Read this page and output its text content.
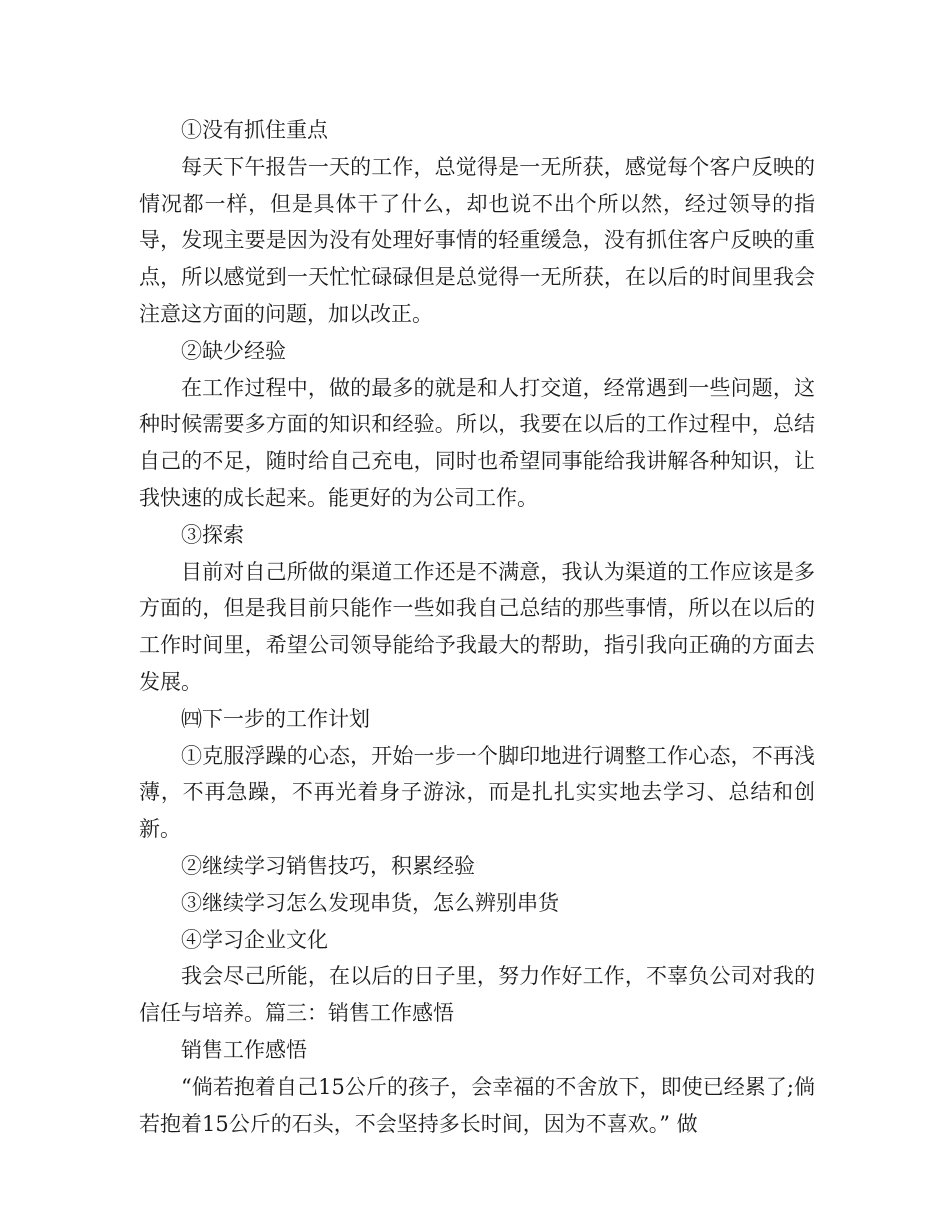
①没有抓住重点

每天下午报告一天的工作，总觉得是一无所获，感觉每个客户反映的情况都一样，但是具体干了什么，却也说不出个所以然，经过领导的指导，发现主要是因为没有处理好事情的轻重缓急，没有抓住客户反映的重点，所以感觉到一天忙忙碌碌但是总觉得一无所获，在以后的时间里我会注意这方面的问题，加以改正。

②缺少经验

在工作过程中，做的最多的就是和人打交道，经常遇到一些问题，这种时候需要多方面的知识和经验。所以，我要在以后的工作过程中，总结自己的不足，随时给自己充电，同时也希望同事能给我讲解各种知识，让我快速的成长起来。能更好的为公司工作。

③探索

目前对自己所做的渠道工作还是不满意，我认为渠道的工作应该是多方面的，但是我目前只能作一些如我自己总结的那些事情，所以在以后的工作时间里，希望公司领导能给予我最大的帮助，指引我向正确的方面去发展。

㈣下一步的工作计划

①克服浮躁的心态，开始一步一个脚印地进行调整工作心态，不再浅薄，不再急躁，不再光着身子游泳，而是扎扎实实地去学习、总结和创新。

②继续学习销售技巧，积累经验

③继续学习怎么发现串货，怎么辨别串货

④学习企业文化

我会尽己所能，在以后的日子里，努力作好工作，不辜负公司对我的信任与培养。篇三：销售工作感悟

销售工作感悟

“倘若抱着自己15公斤的孩子，会幸福的不舍放下，即使已经累了;倘若抱着15公斤的石头，不会坚持多长时间，因为不喜欢。” 做
